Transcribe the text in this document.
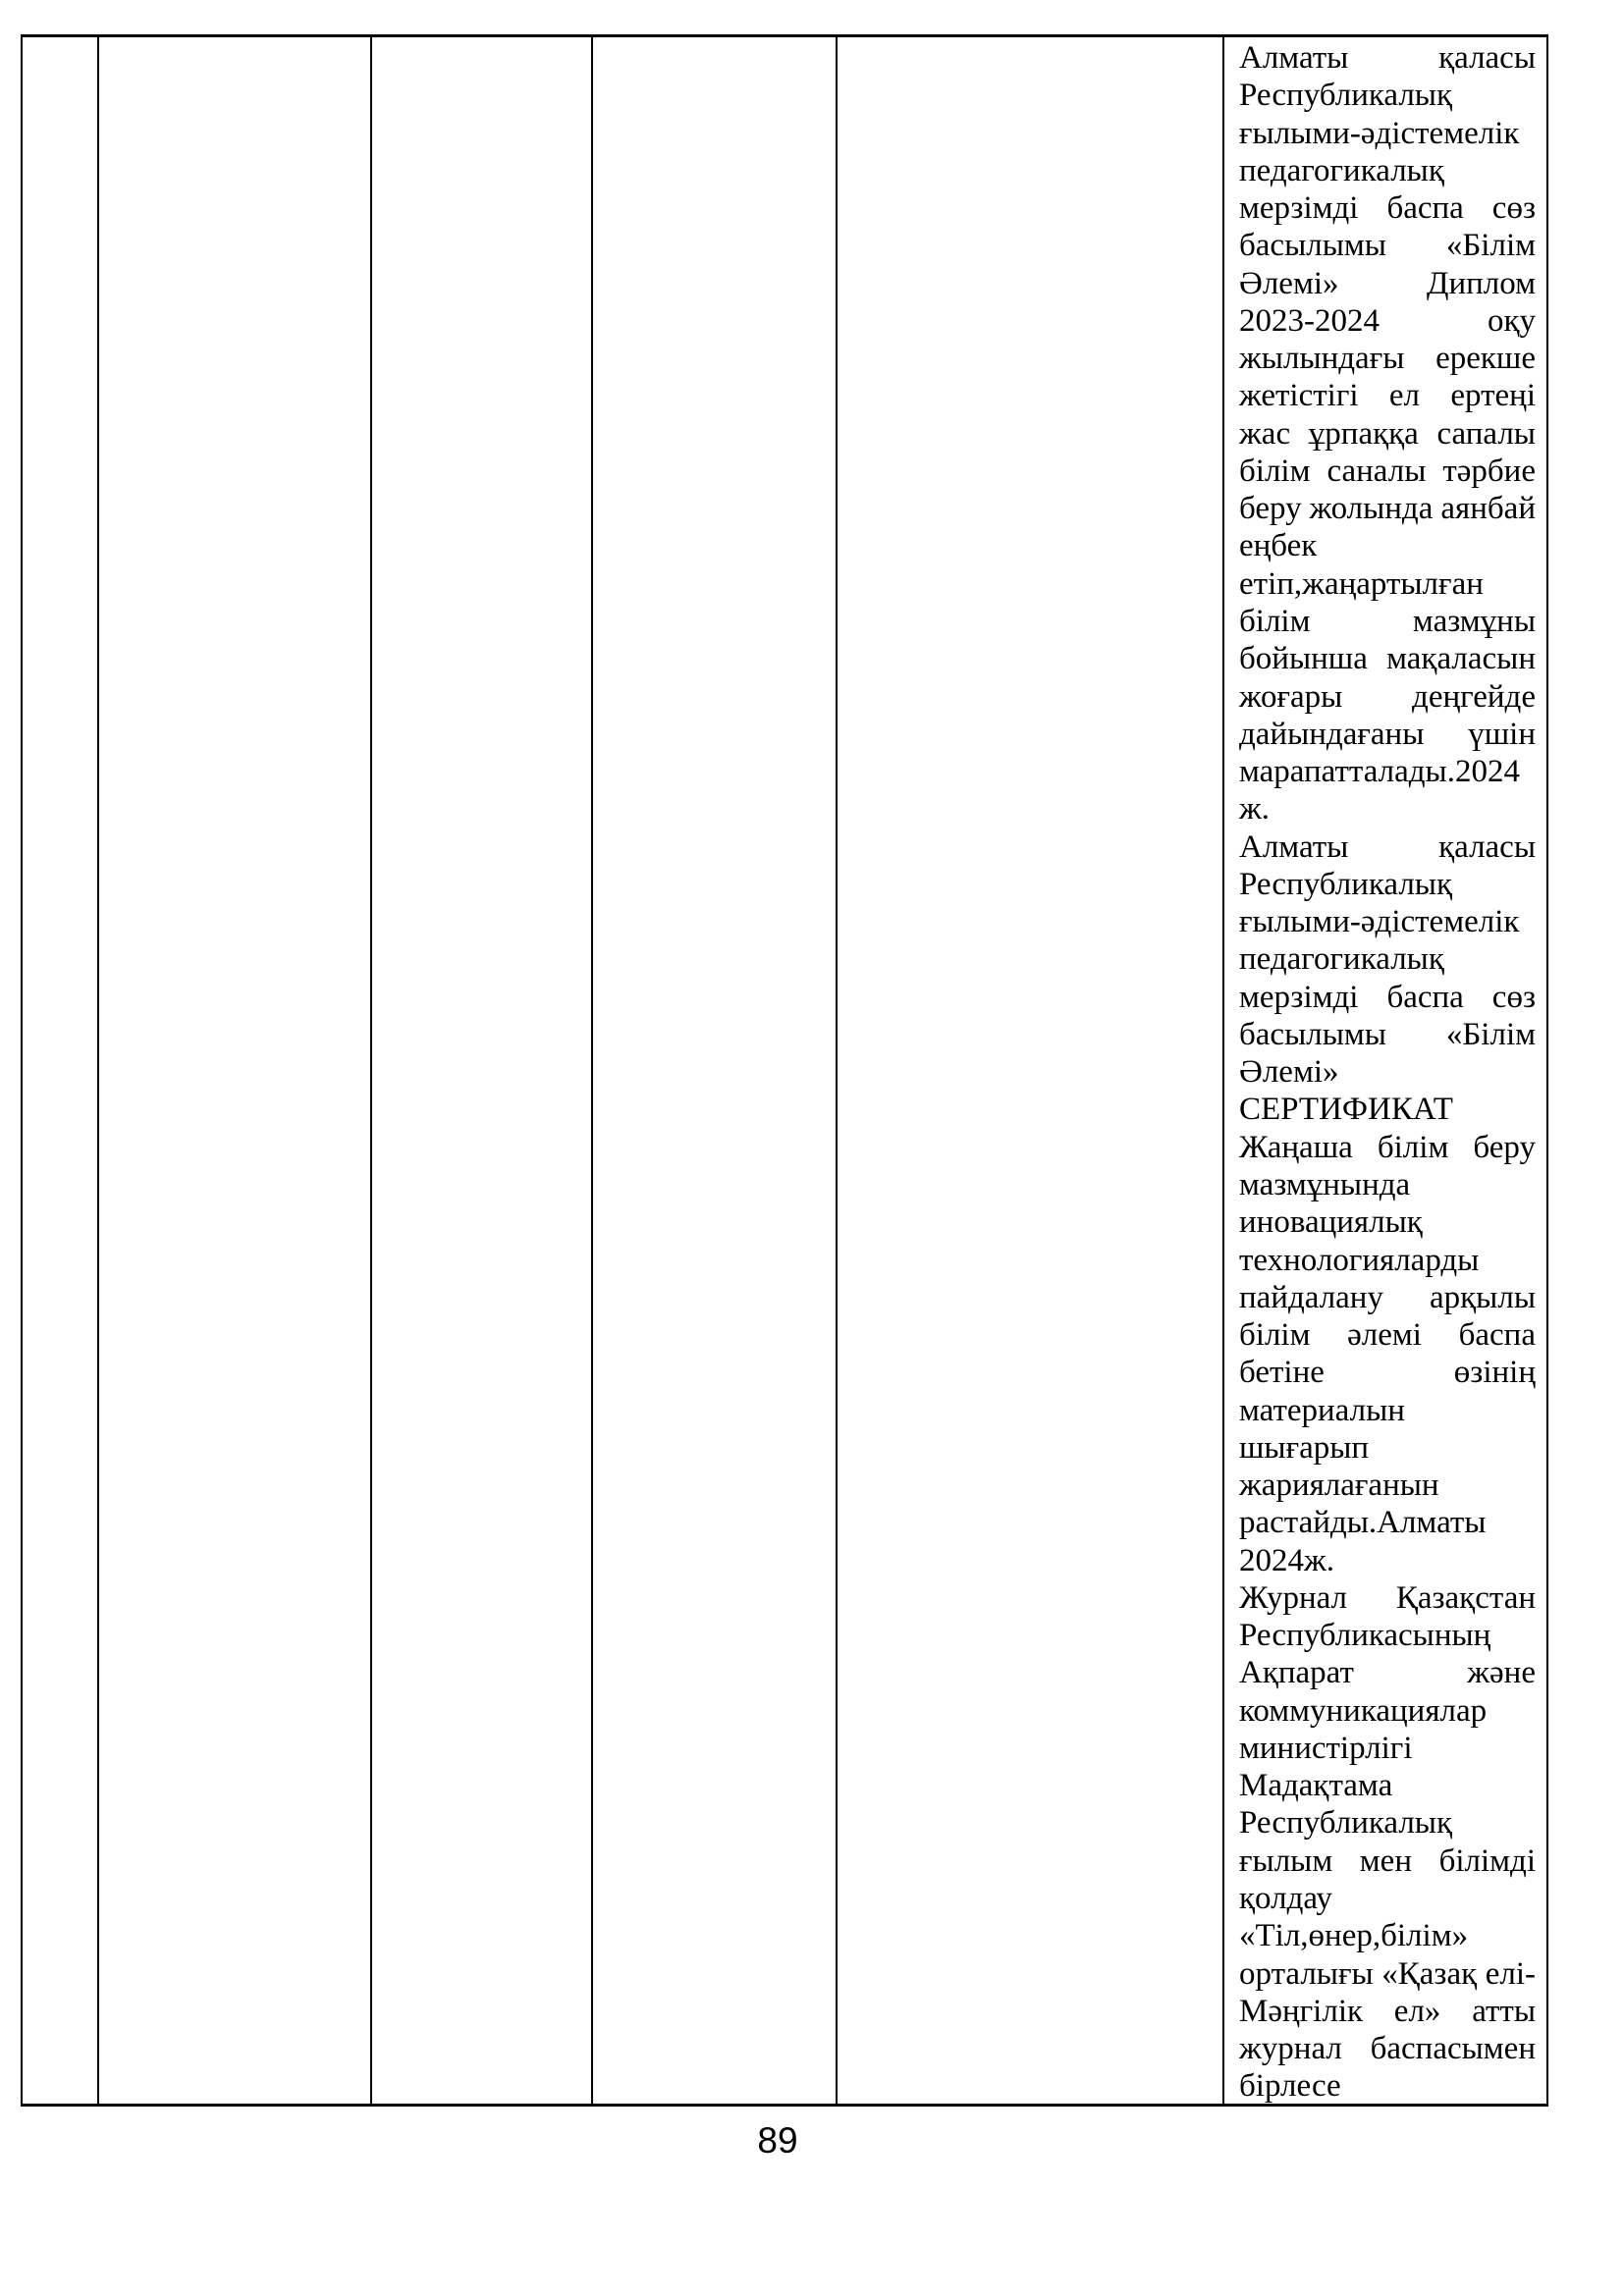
Алматы	қаласы
Республикалық
ғылыми-әдістемелік
педагогикалық
мерзімді баспа сөз
басылымы «Білім
Әлемі»	Диплом
2023-2024	оқу
жылындағы ерекше
жетістігі ел ертеңі
жас ұрпаққа сапалы
білім саналы тәрбие
беру жолында аянбай
еңбек
етіп,жаңартылған
білім	мазмұны
бойынша мақаласын
жоғары деңгейде
дайындағаны үшін
марапатталады.2024
ж.
Алматы	қаласы
Республикалық
ғылыми-әдістемелік
педагогикалық
мерзімді баспа сөз
басылымы «Білім
Әлемі»
СЕРТИФИКАТ
Жаңаша білім беру
мазмұнында
иновациялық
технологияларды
пайдалану арқылы
білім әлемі баспа
бетіне	өзінің
материалын
шығарып
жариялағанын
растайды.Алматы
2024ж.
Журнал Қазақстан
Республикасының
Ақпарат	және
коммуникациялар
министірлігі
Мадақтама
Республикалық
ғылым мен білімді
қолдау
«Тіл,өнер,білім»
орталығы «Қазақ елі-
Мәңгілік ел» атты
журнал баспасымен
бірлесе
89
